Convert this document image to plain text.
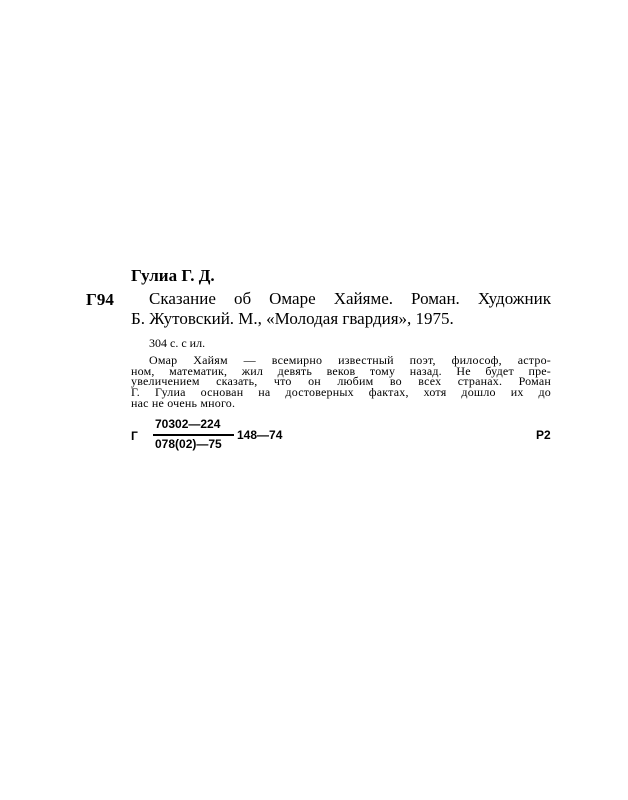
Гулиа Г. Д.
Г94	Сказание об Омаре Хайяме. Роман. Художник
Б. Жутовский. М., «Молодая гвардия», 1975.
304 с. с ил.
Омар Хайям — всемирно известный поэт, философ, астро-
ном, математик, жил девять веков тому назад. Не будет пре-
увеличением сказать, что он любим во всех странах. Роман
Г. Гулиа основан на достоверных фактах, хотя дошло их до
нас не очень много.
Г
70302—224
078(02)—75
148—74	Р2
